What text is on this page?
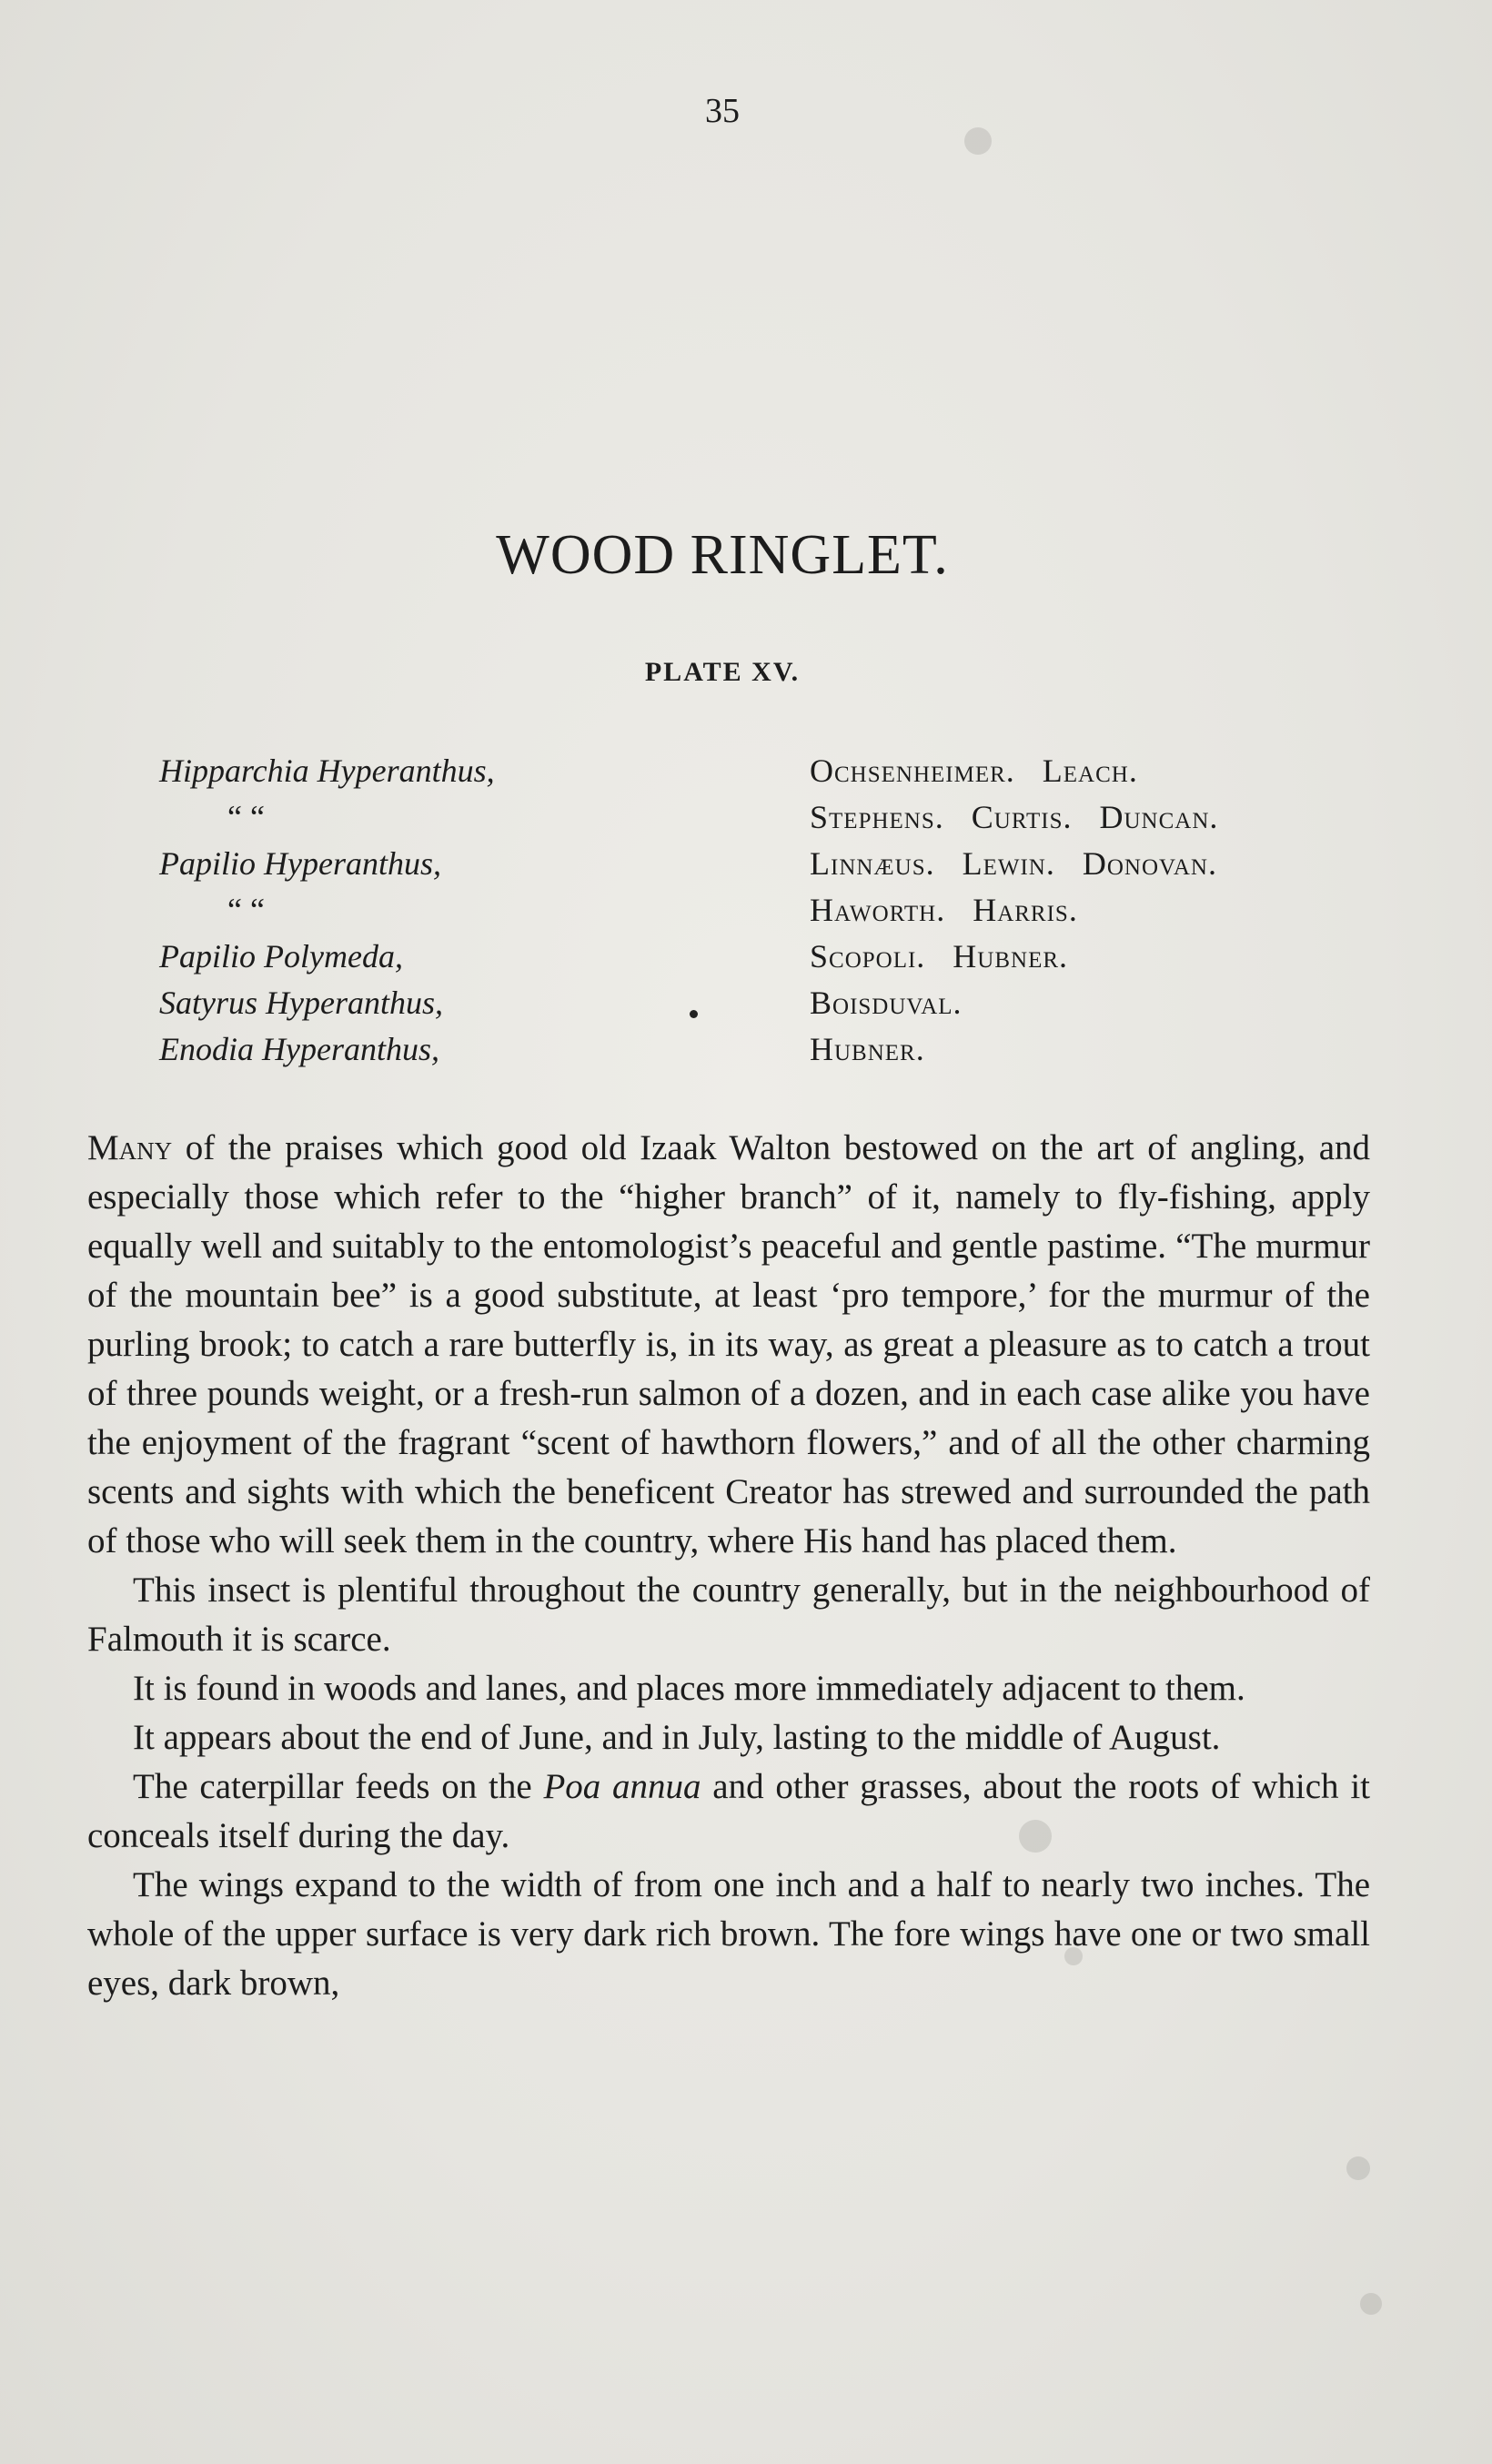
35
WOOD RINGLET.
PLATE XV.
Hipparchia Hyperanthus,	Ochsenheimer.   Leach.
“ “	Stephens.   Curtis.   Duncan.
Papilio Hyperanthus,	Linnæus.   Lewin.   Donovan.
“ “	Haworth.   Harris.
Papilio Polymeda,	Scopoli.   Hubner.
Satyrus Hyperanthus,	Boisduval.
Enodia Hyperanthus,	Hubner.

Many of the praises which good old Izaak Walton bestowed on the art of angling, and especially those which refer to the “higher branch” of it, namely to fly-fishing, apply equally well and suitably to the entomologist’s peaceful and gentle pastime. “The murmur of the mountain bee” is a good substitute, at least ‘pro tempore,’ for the murmur of the purling brook; to catch a rare butterfly is, in its way, as great a pleasure as to catch a trout of three pounds weight, or a fresh-run salmon of a dozen, and in each case alike you have the enjoyment of the fragrant “scent of hawthorn flowers,” and of all the other charming scents and sights with which the beneficent Creator has strewed and surrounded the path of those who will seek them in the country, where His hand has placed them.

This insect is plentiful throughout the country generally, but in the neighbourhood of Falmouth it is scarce.

It is found in woods and lanes, and places more immediately adjacent to them.

It appears about the end of June, and in July, lasting to the middle of August.

The caterpillar feeds on the Poa annua and other grasses, about the roots of which it conceals itself during the day.

The wings expand to the width of from one inch and a half to nearly two inches. The whole of the upper surface is very dark rich brown. The fore wings have one or two small eyes, dark brown,
